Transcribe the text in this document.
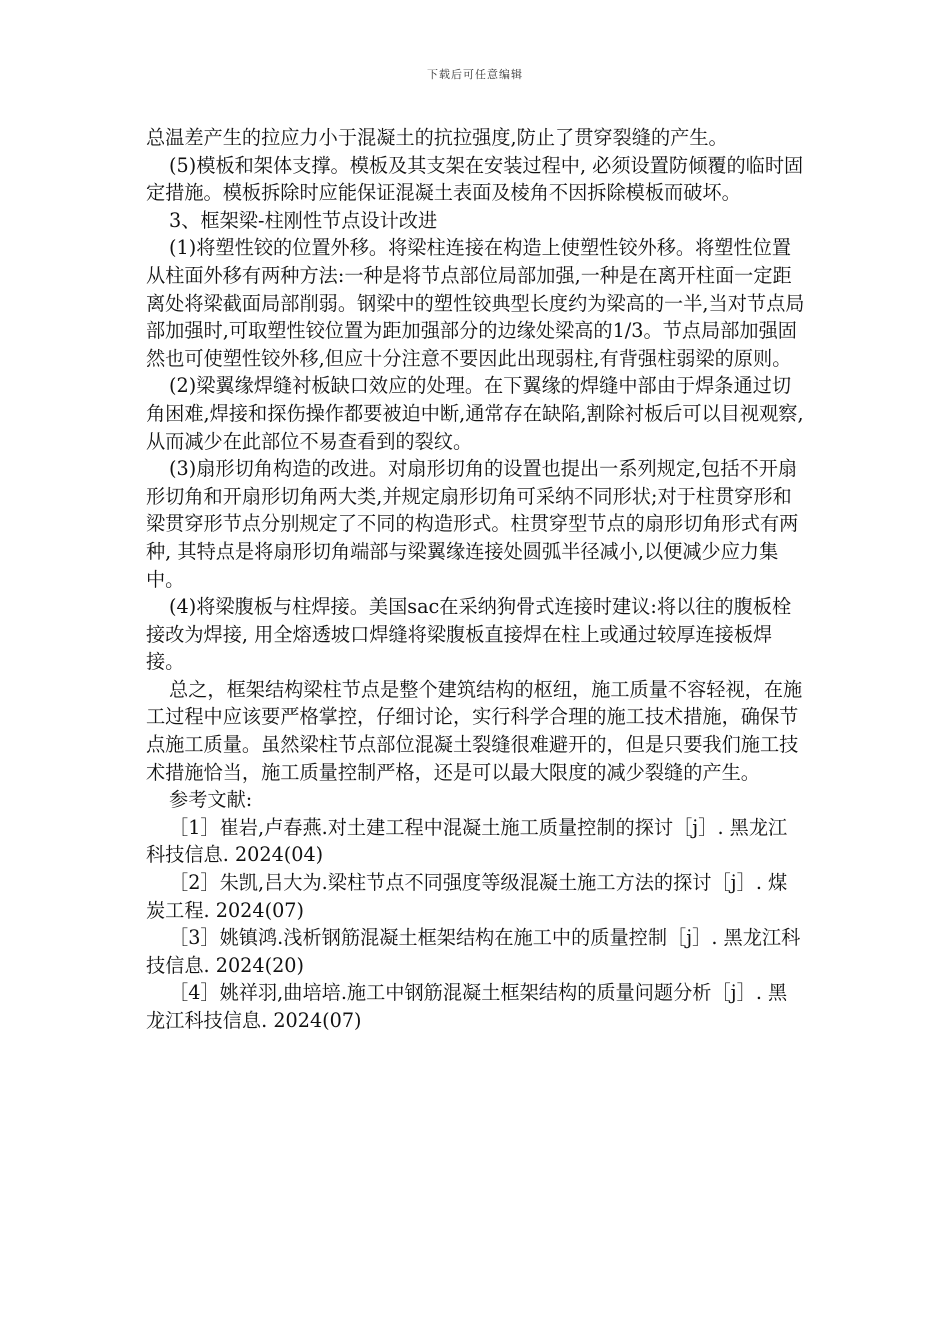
下载后可任意编辑

总温差产生的拉应力小于混凝土的抗拉强度,防止了贯穿裂缝的产生。

(5)模板和架体支撑。模板及其支架在安装过程中, 必须设置防倾覆的临时固定措施。模板拆除时应能保证混凝土表面及棱角不因拆除模板而破坏。

3、框架梁-柱刚性节点设计改进

(1)将塑性铰的位置外移。将梁柱连接在构造上使塑性铰外移。将塑性位置从柱面外移有两种方法:一种是将节点部位局部加强,一种是在离开柱面一定距离处将梁截面局部削弱。钢梁中的塑性铰典型长度约为梁高的一半,当对节点局部加强时,可取塑性铰位置为距加强部分的边缘处梁高的1/3。节点局部加强固然也可使塑性铰外移,但应十分注意不要因此出现弱柱,有背强柱弱梁的原则。

(2)梁翼缘焊缝衬板缺口效应的处理。在下翼缘的焊缝中部由于焊条通过切角困难,焊接和探伤操作都要被迫中断,通常存在缺陷,割除衬板后可以目视观察,从而减少在此部位不易查看到的裂纹。

(3)扇形切角构造的改进。对扇形切角的设置也提出一系列规定,包括不开扇形切角和开扇形切角两大类,并规定扇形切角可采纳不同形状;对于柱贯穿形和梁贯穿形节点分别规定了不同的构造形式。柱贯穿型节点的扇形切角形式有两种, 其特点是将扇形切角端部与梁翼缘连接处圆弧半径减小,以便减少应力集中。

(4)将梁腹板与柱焊接。美国sac在采纳狗骨式连接时建议:将以往的腹板栓接改为焊接, 用全熔透坡口焊缝将梁腹板直接焊在柱上或通过较厚连接板焊接。

总之，框架结构梁柱节点是整个建筑结构的枢纽，施工质量不容轻视，在施工过程中应该要严格掌控，仔细讨论，实行科学合理的施工技术措施，确保节点施工质量。虽然梁柱节点部位混凝土裂缝很难避开的，但是只要我们施工技术措施恰当，施工质量控制严格，还是可以最大限度的减少裂缝的产生。

参考文献:

［1］崔岩,卢春燕.对土建工程中混凝土施工质量控制的探讨［j］. 黑龙江科技信息. 2024(04)

［2］朱凯,吕大为.梁柱节点不同强度等级混凝土施工方法的探讨［j］. 煤炭工程. 2024(07)

［3］姚镇鸿.浅析钢筋混凝土框架结构在施工中的质量控制［j］. 黑龙江科技信息. 2024(20)

［4］姚祥羽,曲培培.施工中钢筋混凝土框架结构的质量问题分析［j］. 黑龙江科技信息. 2024(07)
